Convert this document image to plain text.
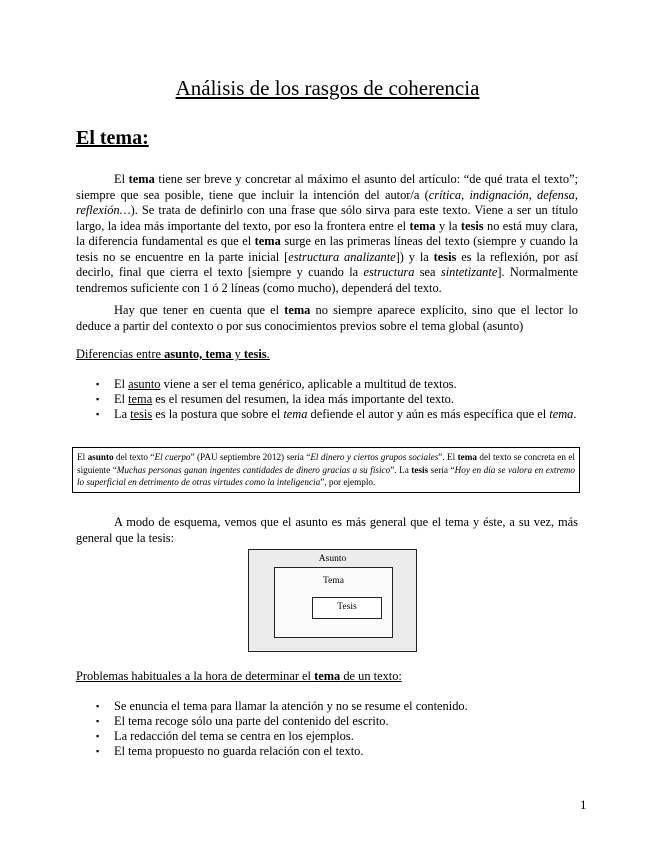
Análisis de los rasgos de coherencia
El tema:
El tema tiene ser breve y concretar al máximo el asunto del artículo: “de qué trata el texto”; siempre que sea posible, tiene que incluir la intención del autor/a (crítica, indignación, defensa, reflexión…). Se trata de definirlo con una frase que sólo sirva para este texto. Viene a ser un título largo, la idea más importante del texto, por eso la frontera entre el tema y la tesis no está muy clara, la diferencia fundamental es que el tema surge en las primeras líneas del texto (siempre y cuando la tesis no se encuentre en la parte inicial [estructura analizante]) y la tesis es la reflexión, por así decirlo, final que cierra el texto [siempre y cuando la estructura sea sintetizante]. Normalmente tendremos suficiente con 1 ó 2 líneas (como mucho), dependerá del texto.
Hay que tener en cuenta que el tema no siempre aparece explícito, sino que el lector lo deduce a partir del contexto o por sus conocimientos previos sobre el tema global (asunto)
Diferencias entre asunto, tema y tesis.
▪ El asunto viene a ser el tema genérico, aplicable a multitud de textos.
▪ El tema es el resumen del resumen, la idea más importante del texto.
▪ La tesis es la postura que sobre el tema defiende el autor y aún es más específica que el tema.
El asunto del texto “El cuerpo” (PAU septiembre 2012) sería “El dinero y ciertos grupos sociales”. El tema del texto se concreta en el siguiente “Muchas personas ganan ingentes cantidades de dinero gracias a su físico”. La tesis sería “Hoy en día se valora en extremo lo superficial en detrimento de otras virtudes como la inteligencia”, por ejemplo.
A modo de esquema, vemos que el asunto es más general que el tema y éste, a su vez, más general que la tesis:
Asunto
Tema
Tesis
Problemas habituales a la hora de determinar el tema de un texto:
▪ Se enuncia el tema para llamar la atención y no se resume el contenido.
▪ El tema recoge sólo una parte del contenido del escrito.
▪ La redacción del tema se centra en los ejemplos.
▪ El tema propuesto no guarda relación con el texto.
1
